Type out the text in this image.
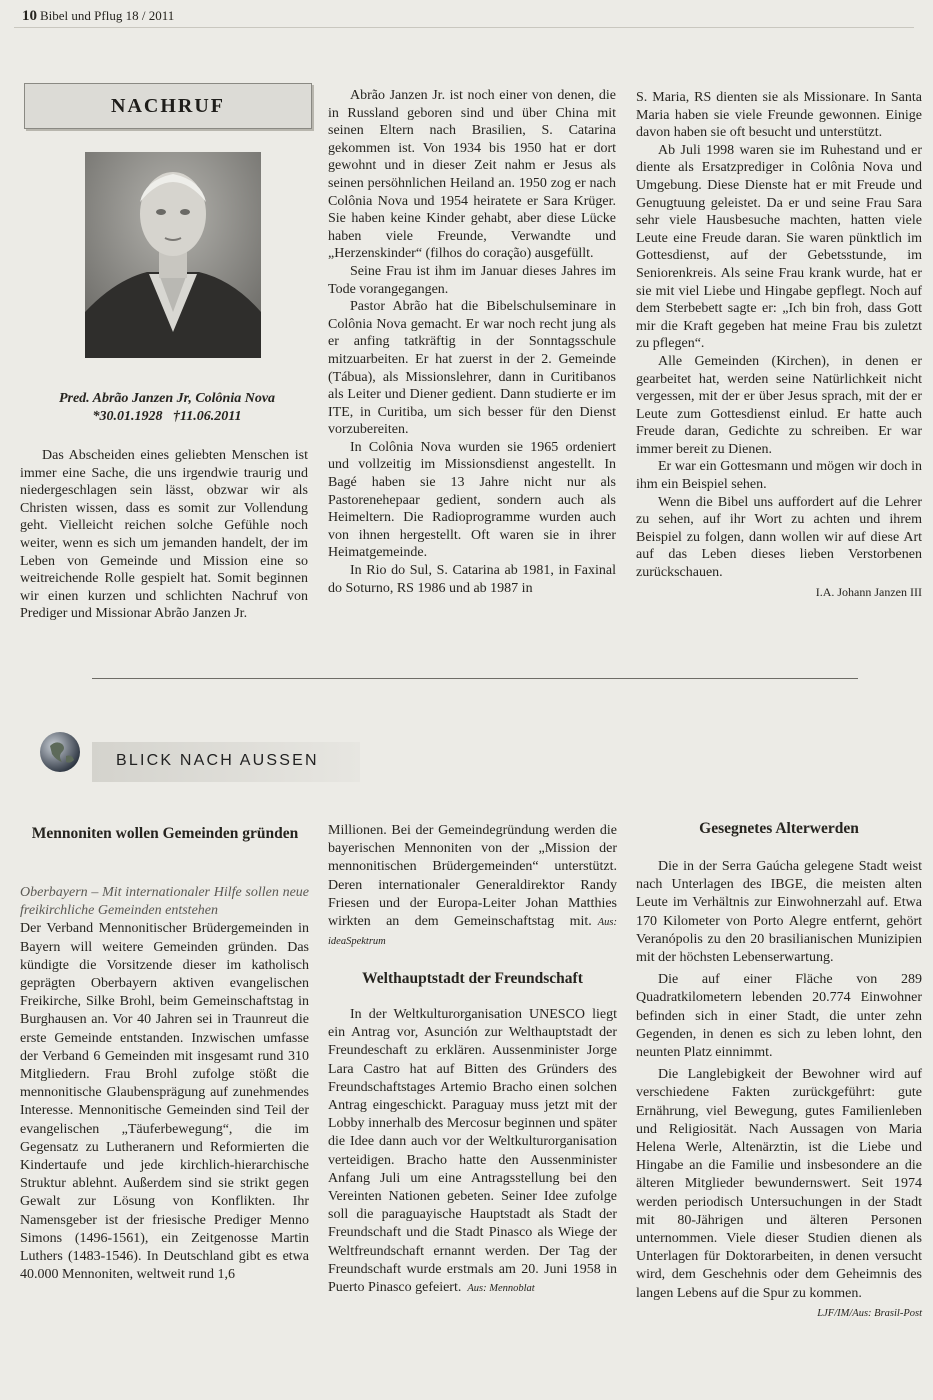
10 Bibel und Pflug 18 / 2011
NACHRUF
Pred. Abrão Janzen Jr, Colônia Nova
*30.01.1928   †11.06.2011

Das Abscheiden eines geliebten Menschen ist immer eine Sache, die uns irgendwie traurig und niedergeschlagen sein lässt, obzwar wir als Christen wissen, dass es somit zur Vollendung geht. Vielleicht reichen solche Gefühle noch weiter, wenn es sich um jemanden handelt, der im Leben von Gemeinde und Mission eine so weitreichende Rolle gespielt hat. Somit beginnen wir einen kurzen und schlichten Nachruf von Prediger und Missionar Abrão Janzen Jr.

Abrão Janzen Jr. ist noch einer von denen, die in Russland geboren sind und über China mit seinen Eltern nach Brasilien, S. Catarina gekommen ist. Von 1934 bis 1950 hat er dort gewohnt und in dieser Zeit nahm er Jesus als seinen persöhnlichen Heiland an. 1950 zog er nach Colônia Nova und 1954 heiratete er Sara Krüger. Sie haben keine Kinder gehabt, aber diese Lücke haben viele Freunde, Verwandte und „Herzenskinder“ (filhos do coração) ausgefüllt.

Seine Frau ist ihm im Januar dieses Jahres im Tode vorangegangen.

Pastor Abrão hat die Bibelschulseminare in Colônia Nova gemacht. Er war noch recht jung als er anfing tatkräftig in der Sonntagsschule mitzuarbeiten. Er hat zuerst in der 2. Gemeinde (Tábua), als Missionslehrer, dann in Curitibanos als Leiter und Diener gedient. Dann studierte er im ITE, in Curitiba, um sich besser für den Dienst vorzubereiten.

In Colônia Nova wurden sie 1965 ordeniert und vollzeitig im Missionsdienst angestellt. In Bagé haben sie 13 Jahre nicht nur als Pastorenehepaar gedient, sondern auch als Heimeltern. Die Radioprogramme wurden auch von ihnen hergestellt. Oft waren sie in ihrer Heimatgemeinde.

In Rio do Sul, S. Catarina ab 1981, in Faxinal do Soturno, RS 1986 und ab 1987 in

S. Maria, RS dienten sie als Missionare. In Santa Maria haben sie viele Freunde gewonnen. Einige davon haben sie oft besucht und unterstützt.

Ab Juli 1998 waren sie im Ruhestand und er diente als Ersatzprediger in Colônia Nova und Umgebung. Diese Dienste hat er mit Freude und Genugtuung geleistet. Da er und seine Frau Sara sehr viele Hausbesuche machten, hatten viele Leute eine Freude daran. Sie waren pünktlich im Gottesdienst, auf der Gebetsstunde, im Seniorenkreis. Als seine Frau krank wurde, hat er sie mit viel Liebe und Hingabe gepflegt. Noch auf dem Sterbebett sagte er: „Ich bin froh, dass Gott mir die Kraft gegeben hat meine Frau bis zuletzt zu pflegen“.

Alle Gemeinden (Kirchen), in denen er gearbeitet hat, werden seine Natürlichkeit nicht vergessen, mit der er über Jesus sprach, mit der er Leute zum Gottesdienst einlud. Er hatte auch Freude daran, Gedichte zu schreiben. Er war immer bereit zu Dienen.

Er war ein Gottesmann und mögen wir doch in ihm ein Beispiel sehen.

Wenn die Bibel uns auffordert auf die Lehrer zu sehen, auf ihr Wort zu achten und ihrem Beispiel zu folgen, dann wollen wir auf diese Art auf das Leben dieses lieben Verstorbenen zurückschauen.

I.A. Johann Janzen III
BLICK NACH AUSSEN
Mennoniten wollen Gemeinden gründen

Oberbayern – Mit internationaler Hilfe sollen neue freikirchliche Gemeinden entstehen

Der Verband Mennonitischer Brüdergemeinden in Bayern will weitere Gemeinden gründen. Das kündigte die Vorsitzende dieser im katholisch geprägten Oberbayern aktiven evangelischen Freikirche, Silke Brohl, beim Gemeinschaftstag in Burghausen an. Vor 40 Jahren sei in Traunreut die erste Gemeinde entstanden. Inzwischen umfasse der Verband 6 Gemeinden mit insgesamt rund 310 Mitgliedern. Frau Brohl zufolge stößt die mennonitische Glaubensprägung auf zunehmendes Interesse. Mennonitische Gemeinden sind Teil der evangelischen „Täuferbewegung“, die im Gegensatz zu Lutheranern und Reformierten die Kindertaufe und jede kirchlich-hierarchische Struktur ablehnt. Außerdem sind sie strikt gegen Gewalt zur Lösung von Konflikten. Ihr Namensgeber ist der friesische Prediger Menno Simons (1496-1561), ein Zeitgenosse Martin Luthers (1483-1546). In Deutschland gibt es etwa 40.000 Mennoniten, weltweit rund 1,6

Millionen. Bei der Gemeindegründung werden die bayerischen Mennoniten von der „Mission der mennonitischen Brüdergemeinden“ unterstützt. Deren internationaler Generaldirektor Randy Friesen und der Europa-Leiter Johan Matthies wirkten an dem Gemeinschaftstag mit. Aus: ideaSpektrum

Welthauptstadt der Freundschaft

In der Weltkulturorganisation UNESCO liegt ein Antrag vor, Asunción zur Welthauptstadt der Freundeschaft zu erklären. Aussenminister Jorge Lara Castro hat auf Bitten des Gründers des Freundschaftstages Artemio Bracho einen solchen Antrag eingeschickt. Paraguay muss jetzt mit der Lobby innerhalb des Mercosur beginnen und später die Idee dann auch vor der Weltkulturorganisation verteidigen. Bracho hatte den Aussenminister Anfang Juli um eine Antragsstellung bei den Vereinten Nationen gebeten. Seiner Idee zufolge soll die paraguayische Hauptstadt als Stadt der Freundschaft und die Stadt Pinasco als Wiege der Weltfreundschaft ernannt werden. Der Tag der Freundschaft wurde erstmals am 20. Juni 1958 in Puerto Pinasco gefeiert. Aus: Mennoblat

Gesegnetes Alterwerden

Die in der Serra Gaúcha gelegene Stadt weist nach Unterlagen des IBGE, die meisten alten Leute im Verhältnis zur Einwohnerzahl auf. Etwa 170 Kilometer von Porto Alegre entfernt, gehört Veranópolis zu den 20 brasilianischen Munizipien mit der höchsten Lebenserwartung.

Die auf einer Fläche von 289 Quadratkilometern lebenden 20.774 Einwohner befinden sich in einer Stadt, die unter zehn Gegenden, in denen es sich zu leben lohnt, den neunten Platz einnimmt.

Die Langlebigkeit der Bewohner wird auf verschiedene Fakten zurückgeführt: gute Ernährung, viel Bewegung, gutes Familienleben und Religiosität. Nach Aussagen von Maria Helena Werle, Altenärztin, ist die Liebe und Hingabe an die Familie und insbesondere an die älteren Mitglieder bewundernswert. Seit 1974 werden periodisch Untersuchungen in der Stadt mit 80-Jährigen und älteren Personen unternommen. Viele dieser Studien dienen als Unterlagen für Doktorarbeiten, in denen versucht wird, dem Geschehnis oder dem Geheimnis des langen Lebens auf die Spur zu kommen.

LJF/IM/Aus: Brasil-Post
